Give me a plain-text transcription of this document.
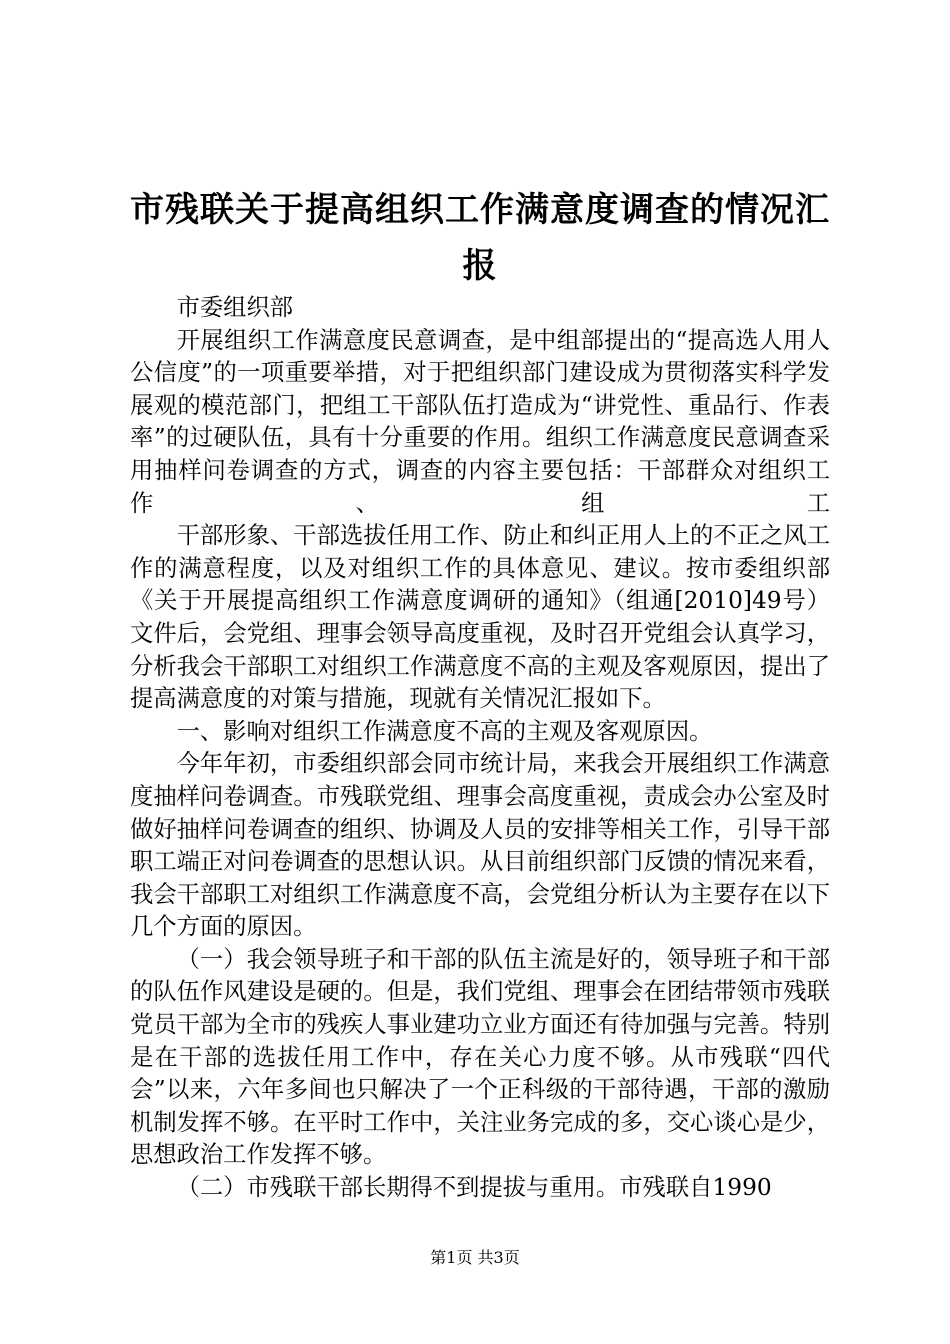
市残联关于提高组织工作满意度调查的情况汇
报

市委组织部

开展组织工作满意度民意调查，是中组部提出的“提高选人用人公信度”的一项重要举措，对于把组织部门建设成为贯彻落实科学发展观的模范部门，把组工干部队伍打造成为“讲党性、重品行、作表率”的过硬队伍，具有十分重要的作用。组织工作满意度民意调查采用抽样问卷调查的方式，调查的内容主要包括：干部群众对组织工作、组工

干部形象、干部选拔任用工作、防止和纠正用人上的不正之风工作的满意程度，以及对组织工作的具体意见、建议。按市委组织部《关于开展提高组织工作满意度调研的通知》（组通[2010]49号）文件后，会党组、理事会领导高度重视，及时召开党组会认真学习，分析我会干部职工对组织工作满意度不高的主观及客观原因，提出了提高满意度的对策与措施，现就有关情况汇报如下。

一、影响对组织工作满意度不高的主观及客观原因。

今年年初，市委组织部会同市统计局，来我会开展组织工作满意度抽样问卷调查。市残联党组、理事会高度重视，责成会办公室及时做好抽样问卷调查的组织、协调及人员的安排等相关工作，引导干部职工端正对问卷调查的思想认识。从目前组织部门反馈的情况来看，我会干部职工对组织工作满意度不高，会党组分析认为主要存在以下几个方面的原因。

（一）我会领导班子和干部的队伍主流是好的，领导班子和干部的队伍作风建设是硬的。但是，我们党组、理事会在团结带领市残联党员干部为全市的残疾人事业建功立业方面还有待加强与完善。特别是在干部的选拔任用工作中，存在关心力度不够。从市残联“四代会”以来，六年多间也只解决了一个正科级的干部待遇，干部的激励机制发挥不够。在平时工作中，关注业务完成的多，交心谈心是少，思想政治工作发挥不够。

（二）市残联干部长期得不到提拔与重用。市残联自1990

第1页 共3页
